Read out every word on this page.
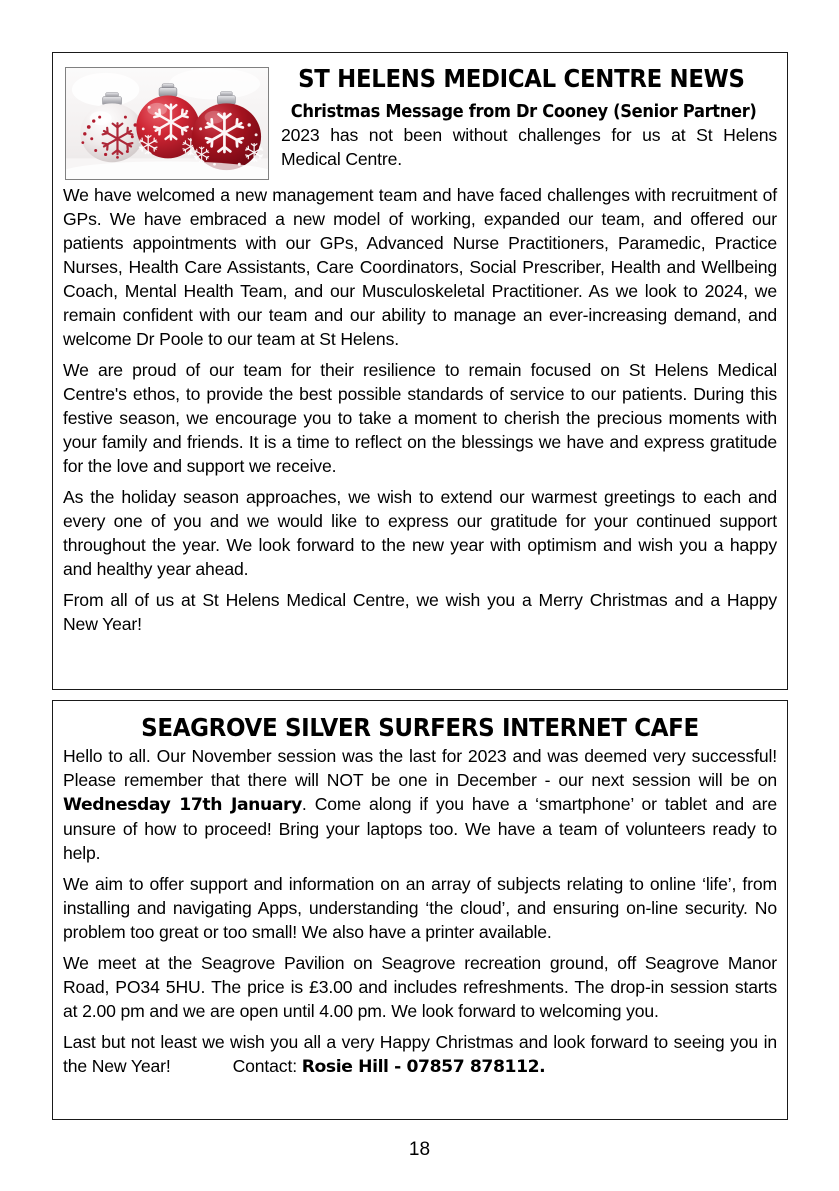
ST HELENS MEDICAL CENTRE NEWS
Christmas Message from Dr Cooney (Senior Partner)

2023 has not been without challenges for us at St Helens Medical Centre.

We have welcomed a new management team and have faced challenges with recruitment of GPs. We have embraced a new model of working, expanded our team, and offered our patients appointments with our GPs, Advanced Nurse Practitioners, Paramedic, Practice Nurses, Health Care Assistants, Care Coordinators, Social Prescriber, Health and Wellbeing Coach, Mental Health Team, and our Musculoskeletal Practitioner. As we look to 2024, we remain confident with our team and our ability to manage an ever-increasing demand, and welcome Dr Poole to our team at St Helens.

We are proud of our team for their resilience to remain focused on St Helens Medical Centre's ethos, to provide the best possible standards of service to our patients. During this festive season, we encourage you to take a moment to cherish the precious moments with your family and friends. It is a time to reflect on the blessings we have and express gratitude for the love and support we receive.

As the holiday season approaches, we wish to extend our warmest greetings to each and every one of you and we would like to express our gratitude for your continued support throughout the year. We look forward to the new year with optimism and wish you a happy and healthy year ahead.

From all of us at St Helens Medical Centre, we wish you a Merry Christmas and a Happy New Year!

SEAGROVE SILVER SURFERS INTERNET CAFE

Hello to all. Our November session was the last for 2023 and was deemed very successful! Please remember that there will NOT be one in December - our next session will be on Wednesday 17th January. Come along if you have a ‘smartphone’ or tablet and are unsure of how to proceed! Bring your laptops too. We have a team of volunteers ready to help.

We aim to offer support and information on an array of subjects relating to online ‘life’, from installing and navigating Apps, understanding ‘the cloud’, and ensuring on-line security. No problem too great or too small! We also have a printer available.

We meet at the Seagrove Pavilion on Seagrove recreation ground, off Seagrove Manor Road, PO34 5HU. The price is £3.00 and includes refreshments. The drop-in session starts at 2.00 pm and we are open until 4.00 pm. We look forward to welcoming you.

Last but not least we wish you all a very Happy Christmas and look forward to seeing you in the New Year!	Contact: Rosie Hill - 07857 878112.

18
